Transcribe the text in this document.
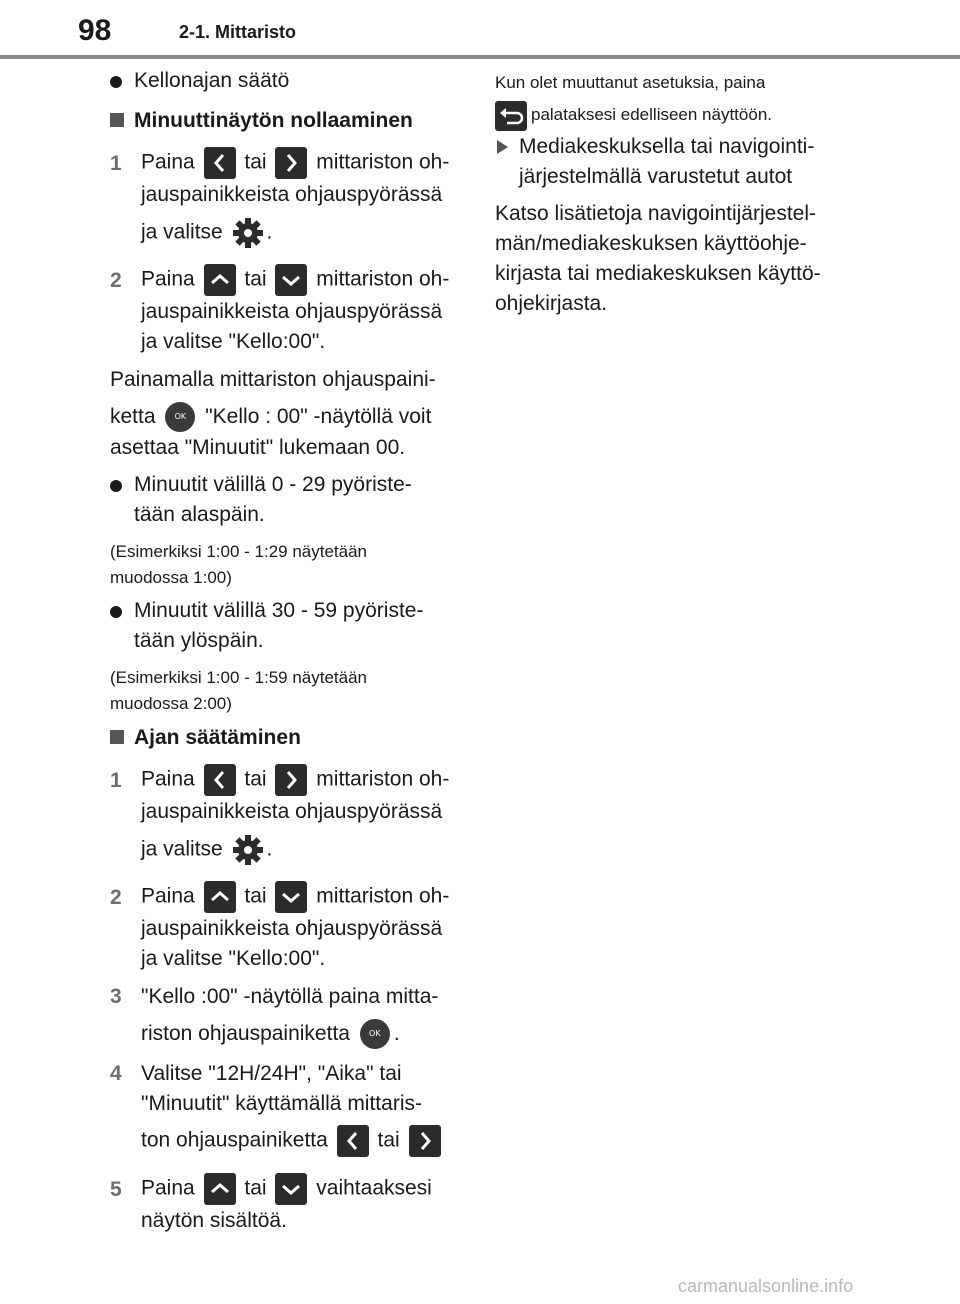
98	2-1. Mittaristo
Kellonajan säätö
Minuuttinäytön nollaaminen
1 Paina tai mittariston oh-
jauspainikkeista ohjauspyörässä
ja valitse .
2 Paina tai mittariston oh-
jauspainikkeista ohjauspyörässä
ja valitse "Kello:00".
Painamalla mittariston ohjauspaini-
ketta OK "Kello : 00" -näytöllä voit
asettaa "Minuutit" lukemaan 00.
Minuutit välillä 0 - 29 pyöriste-
tään alaspäin.
(Esimerkiksi 1:00 - 1:29 näytetään
muodossa 1:00)
Minuutit välillä 30 - 59 pyöriste-
tään ylöspäin.
(Esimerkiksi 1:00 - 1:59 näytetään
muodossa 2:00)
Ajan säätäminen
1 Paina tai mittariston oh-
jauspainikkeista ohjauspyörässä
ja valitse .
2 Paina tai mittariston oh-
jauspainikkeista ohjauspyörässä
ja valitse "Kello:00".
3 "Kello :00" -näytöllä paina mitta-
riston ohjauspainiketta OK .
4 Valitse "12H/24H", "Aika" tai
"Minuutit" käyttämällä mittaris-
ton ohjauspainiketta tai
5 Paina tai vaihtaaksesi
näytön sisältöä.
Kun olet muuttanut asetuksia, paina
palataksesi edelliseen näyttöön.
Mediakeskuksella tai navigointi-
järjestelmällä varustetut autot
Katso lisätietoja navigointijärjestel-
män/mediakeskuksen käyttöohje-
kirjasta tai mediakeskuksen käyttö-
ohjekirjasta.
carmanualsonline.info
